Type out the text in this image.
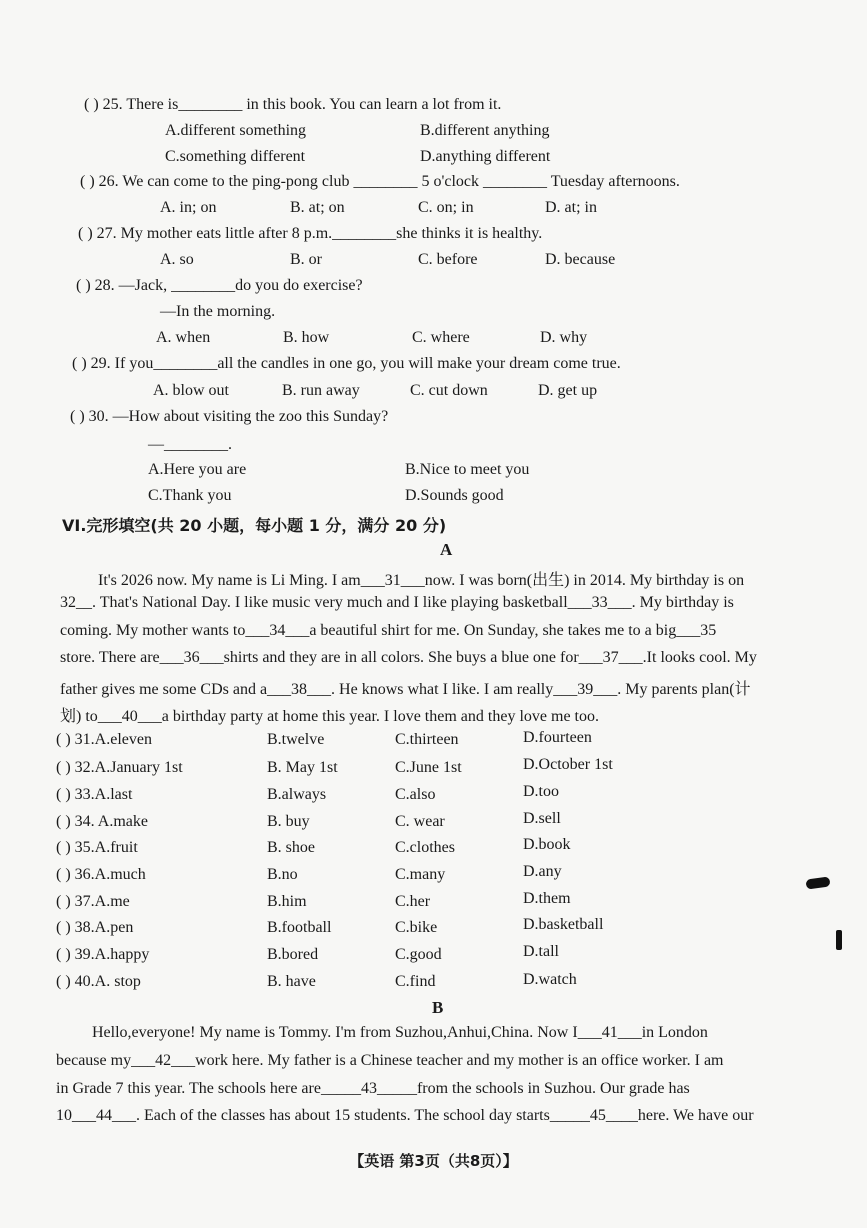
( ) 25. There is________ in this book. You can learn a lot from it.
A.different something	B.different anything
C.something different	D.anything different
( ) 26. We can come to the ping-pong club ________ 5 o'clock ________ Tuesday afternoons.
A. in; on	B. at; on	C. on; in	D. at; in
( ) 27. My mother eats little after 8 p.m.________she thinks it is healthy.
A. so	B. or	C. before	D. because
( ) 28. —Jack, ________do you do exercise?
—In the morning.
A. when	B. how	C. where	D. why
( ) 29. If you________all the candles in one go, you will make your dream come true.
A. blow out	B. run away	C. cut down	D. get up
( ) 30. —How about visiting the zoo this Sunday?
—________.
A.Here you are	B.Nice to meet you
C.Thank you	D.Sounds good
VI.完形填空(共 20 小题，每小题 1 分，满分 20 分)
A
It's 2026 now. My name is Li Ming. I am___31___now. I was born(出生) in 2014. My birthday is on
32__. That's National Day. I like music very much and I like playing basketball___33___. My birthday is
coming. My mother wants to___34___a beautiful shirt for me. On Sunday, she takes me to a big___35
store. There are___36___shirts and they are in all colors. She buys a blue one for___37___.It looks cool. My
father gives me some CDs and a___38___. He knows what I like. I am really___39___. My parents plan(计
划) to___40___a birthday party at home this year. I love them and they love me too.
( ) 31.A.eleven	B.twelve	C.thirteen	D.fourteen
( ) 32.A.January 1st	B. May 1st	C.June 1st	D.October 1st
( ) 33.A.last	B.always	C.also	D.too
( ) 34. A.make	B. buy	C. wear	D.sell
( ) 35.A.fruit	B. shoe	C.clothes	D.book
( ) 36.A.much	B.no	C.many	D.any
( ) 37.A.me	B.him	C.her	D.them
( ) 38.A.pen	B.football	C.bike	D.basketball
( ) 39.A.happy	B.bored	C.good	D.tall
( ) 40.A. stop	B. have	C.find	D.watch
B
Hello,everyone! My name is Tommy. I'm from Suzhou,Anhui,China. Now I___41___in London
because my___42___work here. My father is a Chinese teacher and my mother is an office worker. I am
in Grade 7 this year. The schools here are_____43_____from the schools in Suzhou. Our grade has
10___44___. Each of the classes has about 15 students. The school day starts_____45____here. We have our
【英语 第3页（共8页）】
